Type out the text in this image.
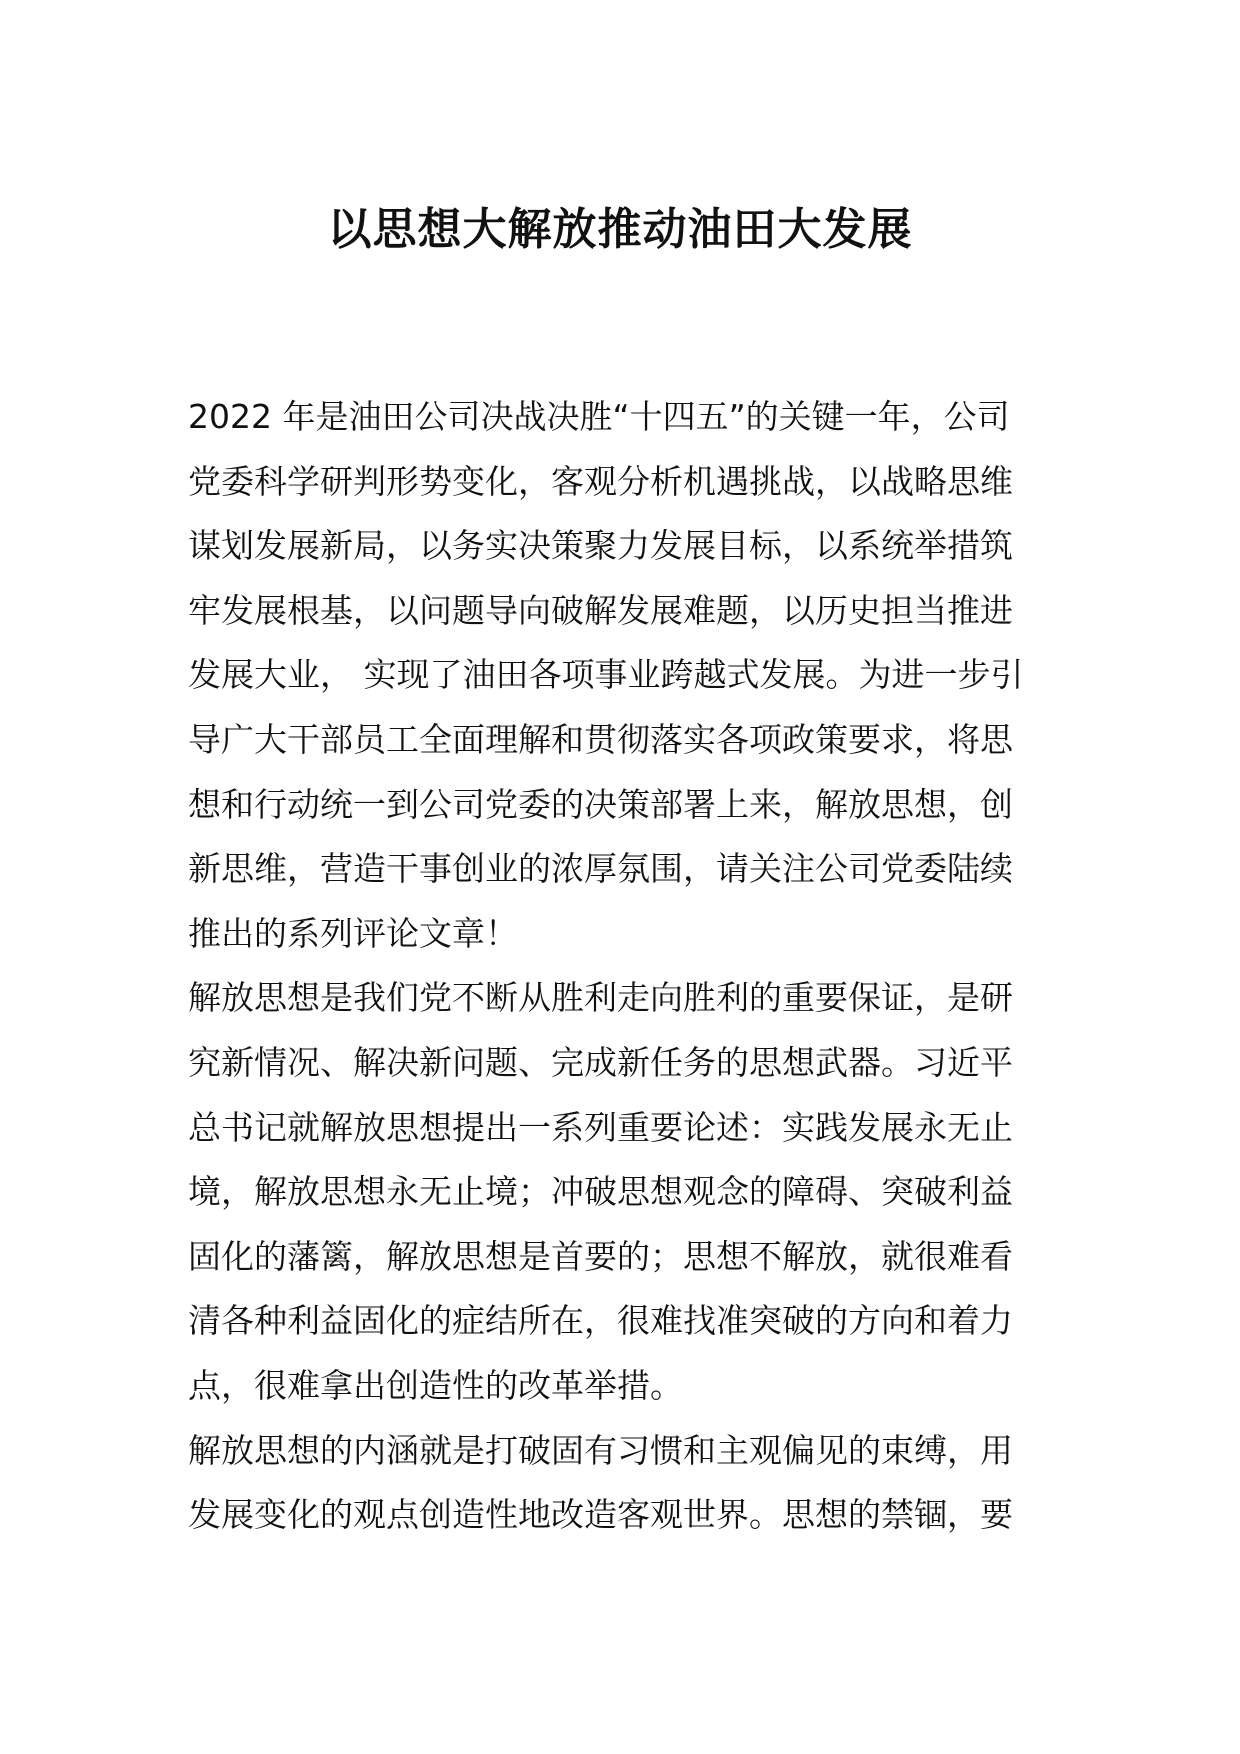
以思想大解放推动油田大发展
2022 年是油田公司决战决胜“十四五”的关键一年，公司
党委科学研判形势变化，客观分析机遇挑战，以战略思维
谋划发展新局，以务实决策聚力发展目标，以系统举措筑
牢发展根基，以问题导向破解发展难题，以历史担当推进
发展大业， 实现了油田各项事业跨越式发展。为进一步引
导广大干部员工全面理解和贯彻落实各项政策要求，将思
想和行动统一到公司党委的决策部署上来，解放思想，创
新思维，营造干事创业的浓厚氛围，请关注公司党委陆续
推出的系列评论文章！
解放思想是我们党不断从胜利走向胜利的重要保证，是研
究新情况、解决新问题、完成新任务的思想武器。习近平
总书记就解放思想提出一系列重要论述：实践发展永无止
境，解放思想永无止境；冲破思想观念的障碍、突破利益
固化的藩篱，解放思想是首要的；思想不解放，就很难看
清各种利益固化的症结所在，很难找准突破的方向和着力
点，很难拿出创造性的改革举措。
解放思想的内涵就是打破固有习惯和主观偏见的束缚，用
发展变化的观点创造性地改造客观世界。思想的禁锢，要
